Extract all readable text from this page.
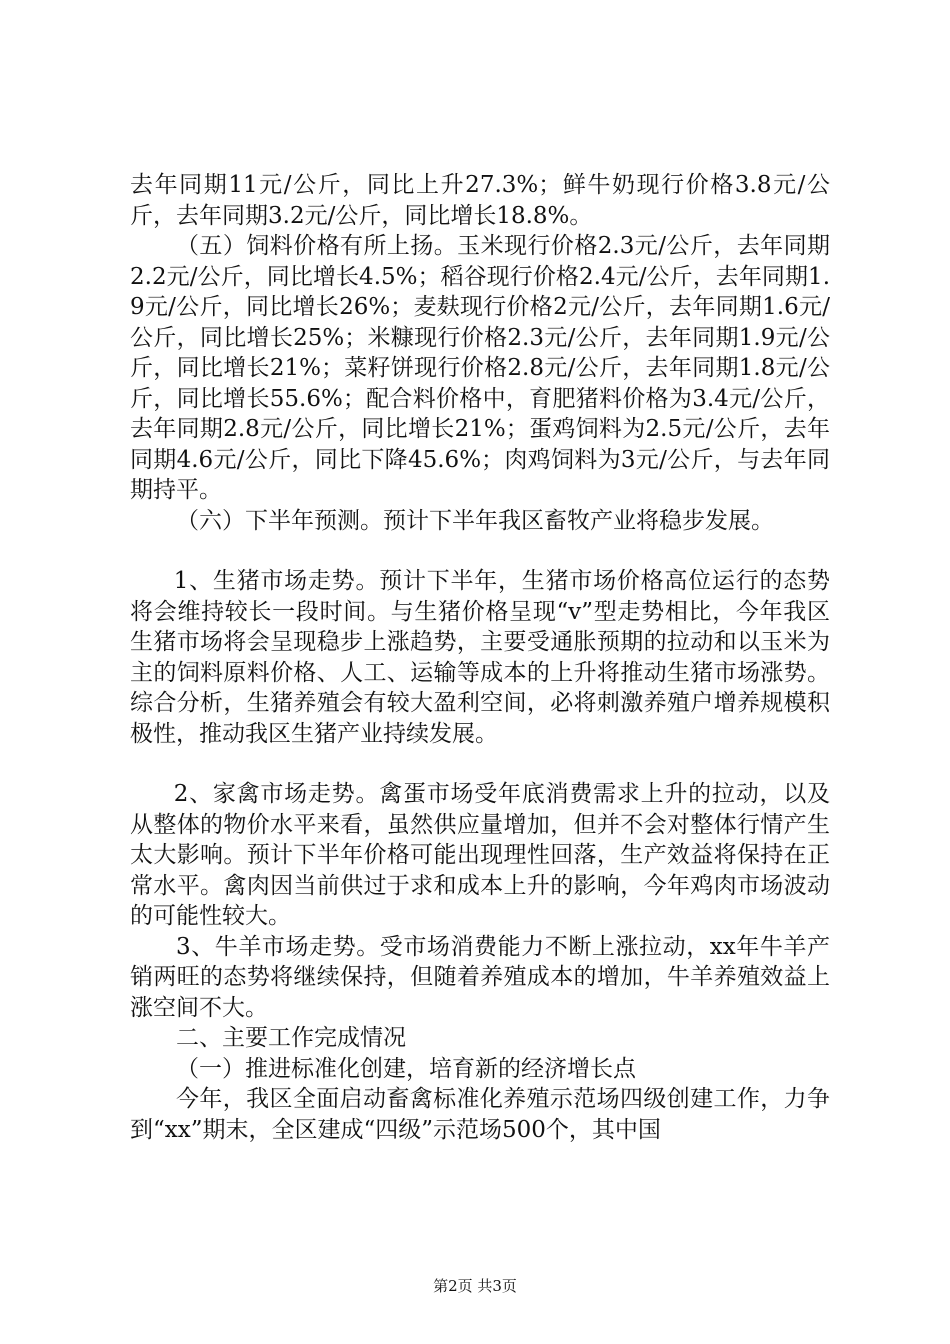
去年同期11元/公斤，同比上升27.3%；鲜牛奶现行价格3.8元/公斤，去年同期3.2元/公斤，同比增长18.8%。

（五）饲料价格有所上扬。玉米现行价格2.3元/公斤，去年同期2.2元/公斤，同比增长4.5%；稻谷现行价格2.4元/公斤，去年同期1.9元/公斤，同比增长26%；麦麸现行价格2元/公斤，去年同期1.6元/公斤，同比增长25%；米糠现行价格2.3元/公斤，去年同期1.9元/公斤，同比增长21%；菜籽饼现行价格2.8元/公斤，去年同期1.8元/公斤，同比增长55.6%；配合料价格中，育肥猪料价格为3.4元/公斤，去年同期2.8元/公斤，同比增长21%；蛋鸡饲料为2.5元/公斤，去年同期4.6元/公斤，同比下降45.6%；肉鸡饲料为3元/公斤，与去年同期持平。

（六）下半年预测。预计下半年我区畜牧产业将稳步发展。

1、生猪市场走势。预计下半年，生猪市场价格高位运行的态势将会维持较长一段时间。与生猪价格呈现“v”型走势相比，今年我区生猪市场将会呈现稳步上涨趋势，主要受通胀预期的拉动和以玉米为主的饲料原料价格、人工、运输等成本的上升将推动生猪市场涨势。综合分析，生猪养殖会有较大盈利空间，必将刺激养殖户增养规模积极性，推动我区生猪产业持续发展。

2、家禽市场走势。禽蛋市场受年底消费需求上升的拉动，以及从整体的物价水平来看，虽然供应量增加，但并不会对整体行情产生太大影响。预计下半年价格可能出现理性回落，生产效益将保持在正常水平。禽肉因当前供过于求和成本上升的影响，今年鸡肉市场波动的可能性较大。

3、牛羊市场走势。受市场消费能力不断上涨拉动，xx年牛羊产销两旺的态势将继续保持，但随着养殖成本的增加，牛羊养殖效益上涨空间不大。

二、主要工作完成情况

（一）推进标准化创建，培育新的经济增长点

今年，我区全面启动畜禽标准化养殖示范场四级创建工作，力争到“xx”期末，全区建成“四级”示范场500个，其中国

第2页 共3页
